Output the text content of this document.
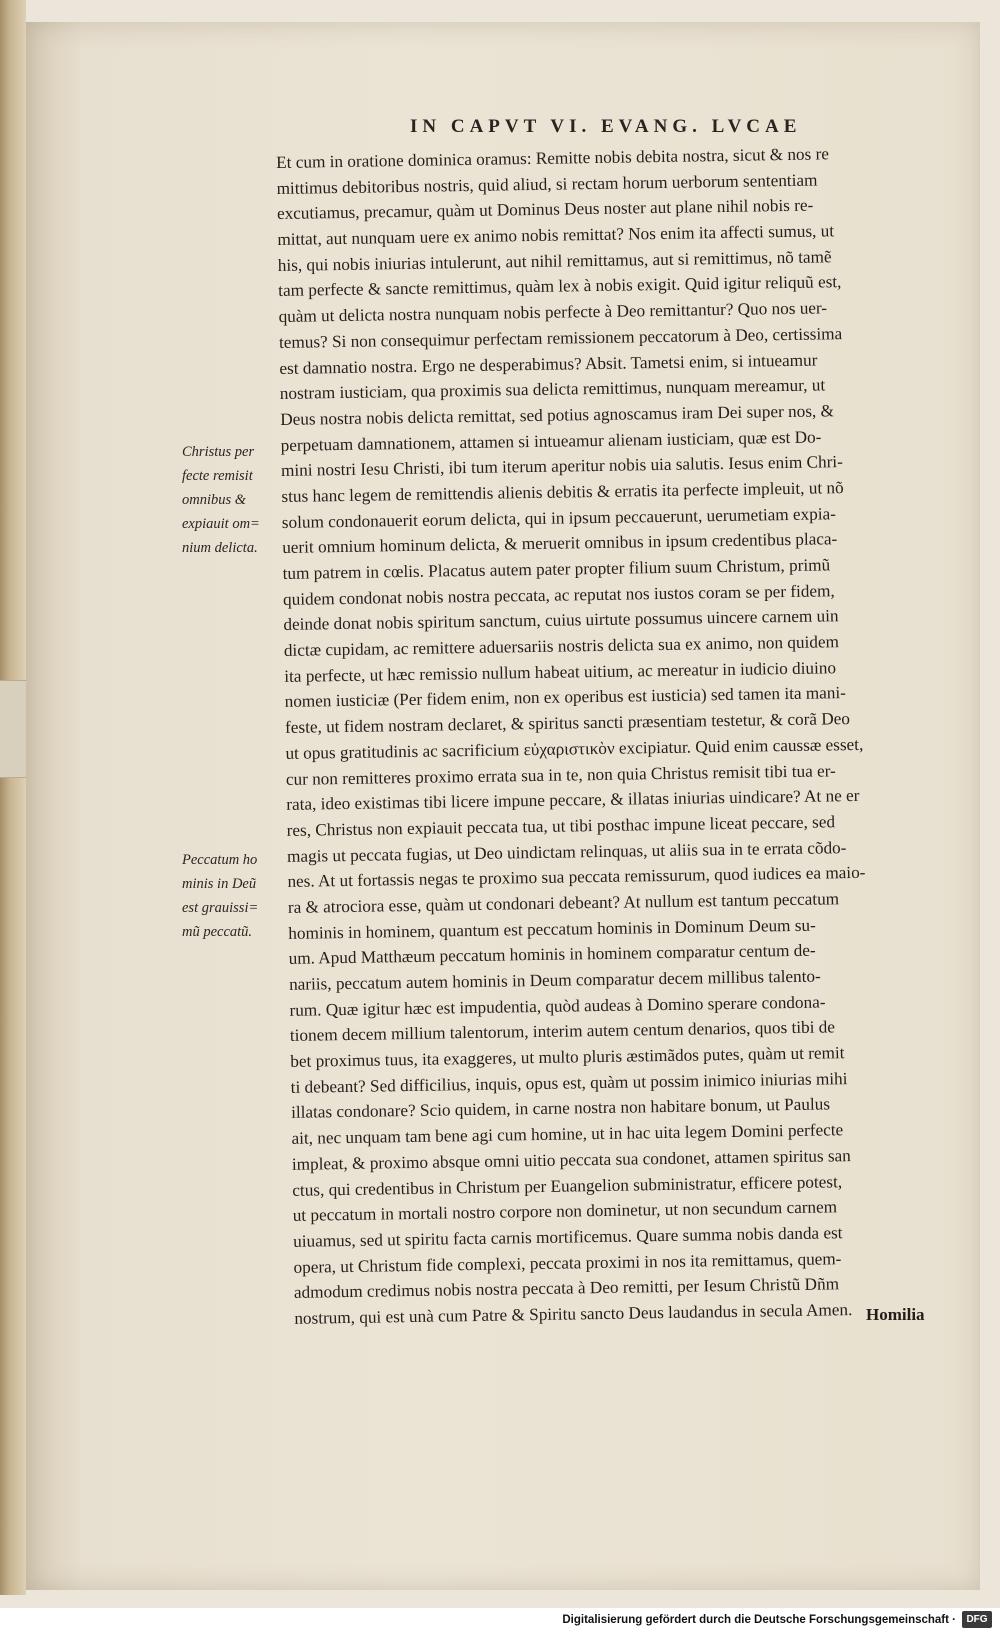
IN CAPVT VI. EVANG. LVCAE
Et cum in oratione dominica oramus: Remitte nobis debita nostra, sicut & nos re
mittimus debitoribus nostris, quid aliud, si rectam horum uerborum sententiam
excutiamus, precamur, quàm ut Dominus Deus noster aut plane nihil nobis re-
mittat, aut nunquam uere ex animo nobis remittat? Nos enim ita affecti sumus, ut
his, qui nobis iniurias intulerunt, aut nihil remittamus, aut si remittimus, nõ tamẽ
tam perfecte & sancte remittimus, quàm lex à nobis exigit. Quid igitur reliquũ est,
quàm ut delicta nostra nunquam nobis perfecte à Deo remittantur? Quo nos uer-
temus? Si non consequimur perfectam remissionem peccatorum à Deo, certissima
est damnatio nostra. Ergo ne desperabimus? Absit. Tametsi enim, si intueamur
nostram iusticiam, qua proximis sua delicta remittimus, nunquam mereamur, ut
Deus nostra nobis delicta remittat, sed potius agnoscamus iram Dei super nos, &
perpetuam damnationem, attamen si intueamur alienam iusticiam, quæ est Do-
mini nostri Iesu Christi, ibi tum iterum aperitur nobis uia salutis. Iesus enim Chri-
stus hanc legem de remittendis alienis debitis & erratis ita perfecte impleuit, ut nõ
solum condonauerit eorum delicta, qui in ipsum peccauerunt, uerumetiam expia-
uerit omnium hominum delicta, & meruerit omnibus in ipsum credentibus placa-
tum patrem in cœlis. Placatus autem pater propter filium suum Christum, primũ
quidem condonat nobis nostra peccata, ac reputat nos iustos coram se per fidem,
deinde donat nobis spiritum sanctum, cuius uirtute possumus uincere carnem uin
dictæ cupidam, ac remittere aduersariis nostris delicta sua ex animo, non quidem
ita perfecte, ut hæc remissio nullum habeat uitium, ac mereatur in iudicio diuino
nomen iusticiæ (Per fidem enim, non ex operibus est iusticia) sed tamen ita mani-
feste, ut fidem nostram declaret, & spiritus sancti præsentiam testetur, & corã Deo
ut opus gratitudinis ac sacrificium εὐχαριστικὸν excipiatur. Quid enim caussæ esset,
cur non remitteres proximo errata sua in te, non quia Christus remisit tibi tua er-
rata, ideo existimas tibi licere impune peccare, & illatas iniurias uindicare? At ne er
res, Christus non expiauit peccata tua, ut tibi posthac impune liceat peccare, sed
magis ut peccata fugias, ut Deo uindictam relinquas, ut aliis sua in te errata cõdo-
nes. At ut fortassis negas te proximo sua peccata remissurum, quod iudices ea maio-
ra & atrociora esse, quàm ut condonari debeant? At nullum est tantum peccatum
hominis in hominem, quantum est peccatum hominis in Dominum Deum su-
um. Apud Matthæum peccatum hominis in hominem comparatur centum de-
nariis, peccatum autem hominis in Deum comparatur decem millibus talento-
rum. Quæ igitur hæc est impudentia, quòd audeas à Domino sperare condona-
tionem decem millium talentorum, interim autem centum denarios, quos tibi de
bet proximus tuus, ita exaggeres, ut multo pluris æstimãdos putes, quàm ut remit
ti debeant? Sed difficilius, inquis, opus est, quàm ut possim inimico iniurias mihi
illatas condonare? Scio quidem, in carne nostra non habitare bonum, ut Paulus
ait, nec unquam tam bene agi cum homine, ut in hac uita legem Domini perfecte
impleat, & proximo absque omni uitio peccata sua condonet, attamen spiritus san
ctus, qui credentibus in Christum per Euangelion subministratur, efficere potest,
ut peccatum in mortali nostro corpore non dominetur, ut non secundum carnem
uiuamus, sed ut spiritu facta carnis mortificemus. Quare summa nobis danda est
opera, ut Christum fide complexi, peccata proximi in nos ita remittamus, quem-
admodum credimus nobis nostra peccata à Deo remitti, per Iesum Christũ Dñm
nostrum, qui est unà cum Patre & Spiritu sancto Deus laudandus in secula Amen.
Christus per
fecte remisit
omnibus &
expiauit om=
nium delicta.
Peccatum ho
minis in Deũ
est grauissi=
mũ peccatũ.
Homilia
Digitalisierung gefördert durch die Deutsche Forschungsgemeinschaft ·	DFG
